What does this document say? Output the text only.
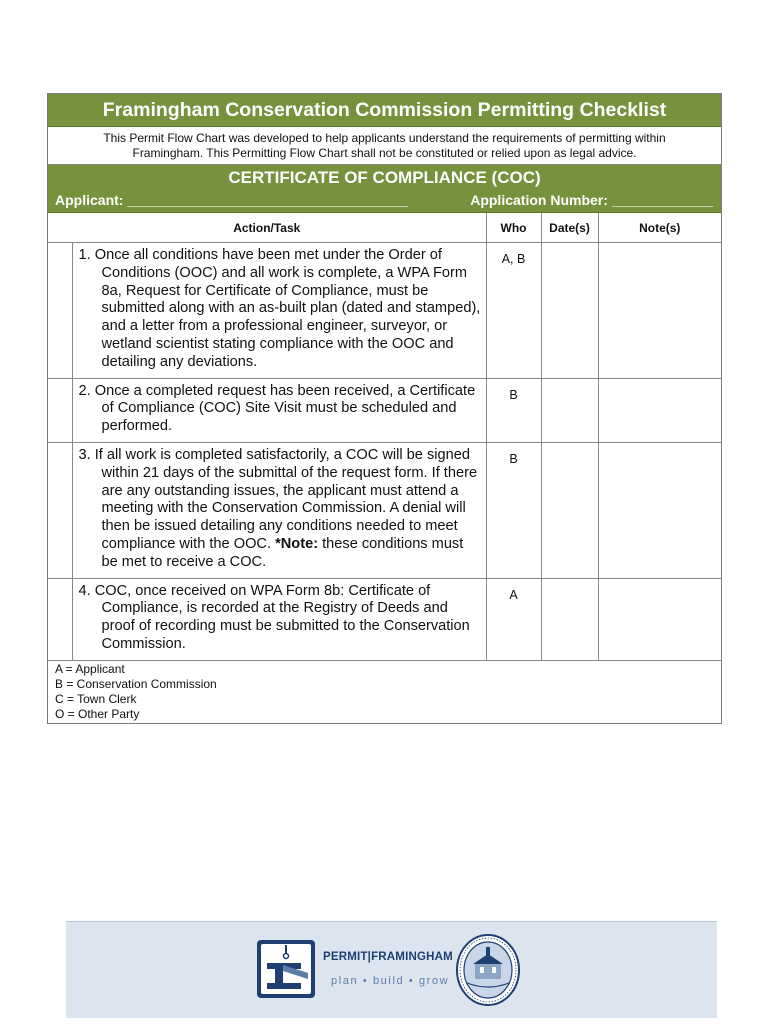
Framingham Conservation Commission Permitting Checklist
This Permit Flow Chart was developed to help applicants understand the requirements of permitting within Framingham. This Permitting Flow Chart shall not be constituted or relied upon as legal advice.
CERTIFICATE OF COMPLIANCE (COC)
Applicant: ____________________________________	Application Number: _____________
Action/Task		Who	Date(s)	Note(s)
	1. Once all conditions have been met under the Order of Conditions (OOC) and all work is complete, a WPA Form 8a, Request for Certificate of Compliance, must be submitted along with an as-built plan (dated and stamped), and a letter from a professional engineer, surveyor, or wetland scientist stating compliance with the OOC and detailing any deviations.	A, B		
	2. Once a completed request has been received, a Certificate of Compliance (COC) Site Visit must be scheduled and performed.	B		
	3. If all work is completed satisfactorily, a COC will be signed within 21 days of the submittal of the request form. If there are any outstanding issues, the applicant must attend a meeting with the Conservation Commission. A denial will then be issued detailing any conditions needed to meet compliance with the OOC. *Note: these conditions must be met to receive a COC.	B		
	4. COC, once received on WPA Form 8b: Certificate of Compliance, is recorded at the Registry of Deeds and proof of recording must be submitted to the Conservation Commission.	A		
A = Applicant
B = Conservation Commission
C = Town Clerk
O = Other Party
PERMIT|FRAMINGHAM
plan • build • grow
